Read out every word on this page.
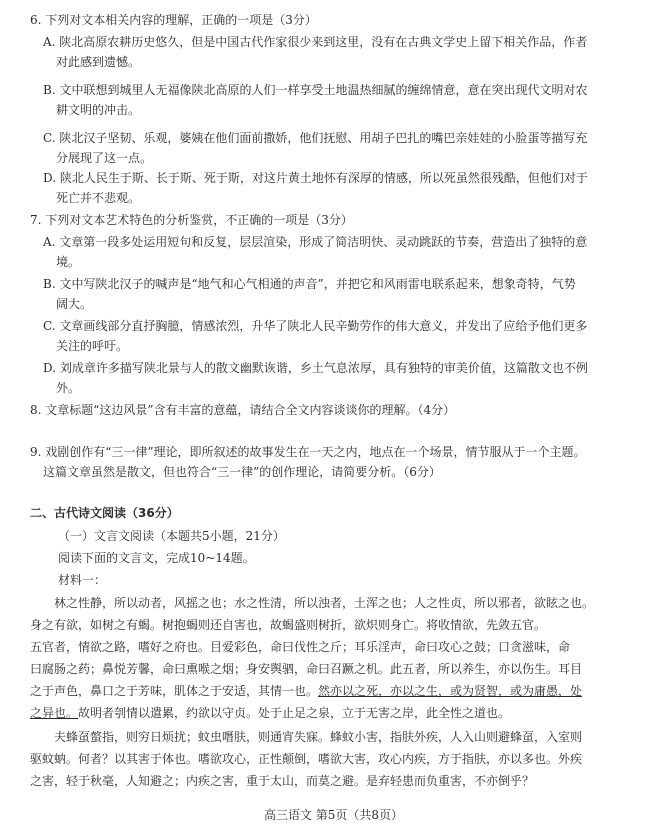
6. 下列对文本相关内容的理解，正确的一项是（3分）
A. 陕北高原农耕历史悠久，但是中国古代作家很少来到这里，没有在古典文学史上留下相关作品，作者
对此感到遗憾。
B. 文中联想到城里人无福像陕北高原的人们一样享受土地温热细腻的缠绵情意，意在突出现代文明对农
耕文明的冲击。
C. 陕北汉子坚韧、乐观，婆姨在他们面前撒娇，他们抚慰、用胡子巴扎的嘴巴亲娃娃的小脸蛋等描写充
分展现了这一点。
D. 陕北人民生于斯、长于斯、死于斯，对这片黄土地怀有深厚的情感，所以死虽然很残酷，但他们对于
死亡并不悲观。
7. 下列对文本艺术特色的分析鉴赏，不正确的一项是（3分）
A. 文章第一段多处运用短句和反复，层层渲染，形成了简洁明快、灵动跳跃的节奏，营造出了独特的意
境。
B. 文中写陕北汉子的喊声是“地气和心气相通的声音”，并把它和风雨雷电联系起来，想象奇特，气势
阔大。
C. 文章画线部分直抒胸臆，情感浓烈，升华了陕北人民辛勤劳作的伟大意义，并发出了应给予他们更多
关注的呼吁。
D. 刘成章许多描写陕北景与人的散文幽默诙谐，乡土气息浓厚，具有独特的审美价值，这篇散文也不例
外。
8. 文章标题“这边风景”含有丰富的意蕴，请结合全文内容谈谈你的理解。（4分）
9. 戏剧创作有“三一律”理论，即所叙述的故事发生在一天之内，地点在一个场景，情节服从于一个主题。
这篇文章虽然是散文，但也符合“三一律”的创作理论，请简要分析。（6分）
二、古代诗文阅读（36分）
（一）文言文阅读（本题共5小题，21分）
阅读下面的文言文，完成10~14题。
材料一：
林之性静，所以动者，风摇之也；水之性清，所以浊者，土浑之也；人之性贞，所以邪者，欲眩之也。
身之有欲，如树之有蝎。树抱蝎则还自害也，故蝎盛则树折，欲炽则身亡。将收情欲，先敛五官。
五官者，情欲之路，嗜好之府也。目爱彩色，命曰伐性之斤；耳乐淫声，命曰攻心之鼓；口贪滋味，命
曰腐肠之药；鼻悦芳馨，命曰熏喉之烟；身安舆驷，命曰召蹶之机。此五者，所以养生，亦以伤生。耳目
之于声色，鼻口之于芳味，肌体之于安适，其情一也。然亦以之死，亦以之生，或为贤智，或为庸愚，处
之异也。故明者刳情以遣累，约欲以守贞。处于止足之泉，立于无害之岸，此全性之道也。
夫蜂虿螫指，则穷日烦扰；蚊虫噆肤，则通宵失寐。蜂蚊小害，指肤外疾，人入山则避蜂虿，入室则
驱蚊蚋。何者？以其害于体也。嗜欲攻心，正性颠倒，嗜欲大害，攻心内疾，方于指肤，亦以多也。外疾
之害，轻于秋毫，人知避之；内疾之害，重于太山，而莫之避。是弃轻患而负重害，不亦倒乎？
高三语文 第5页（共8页）
